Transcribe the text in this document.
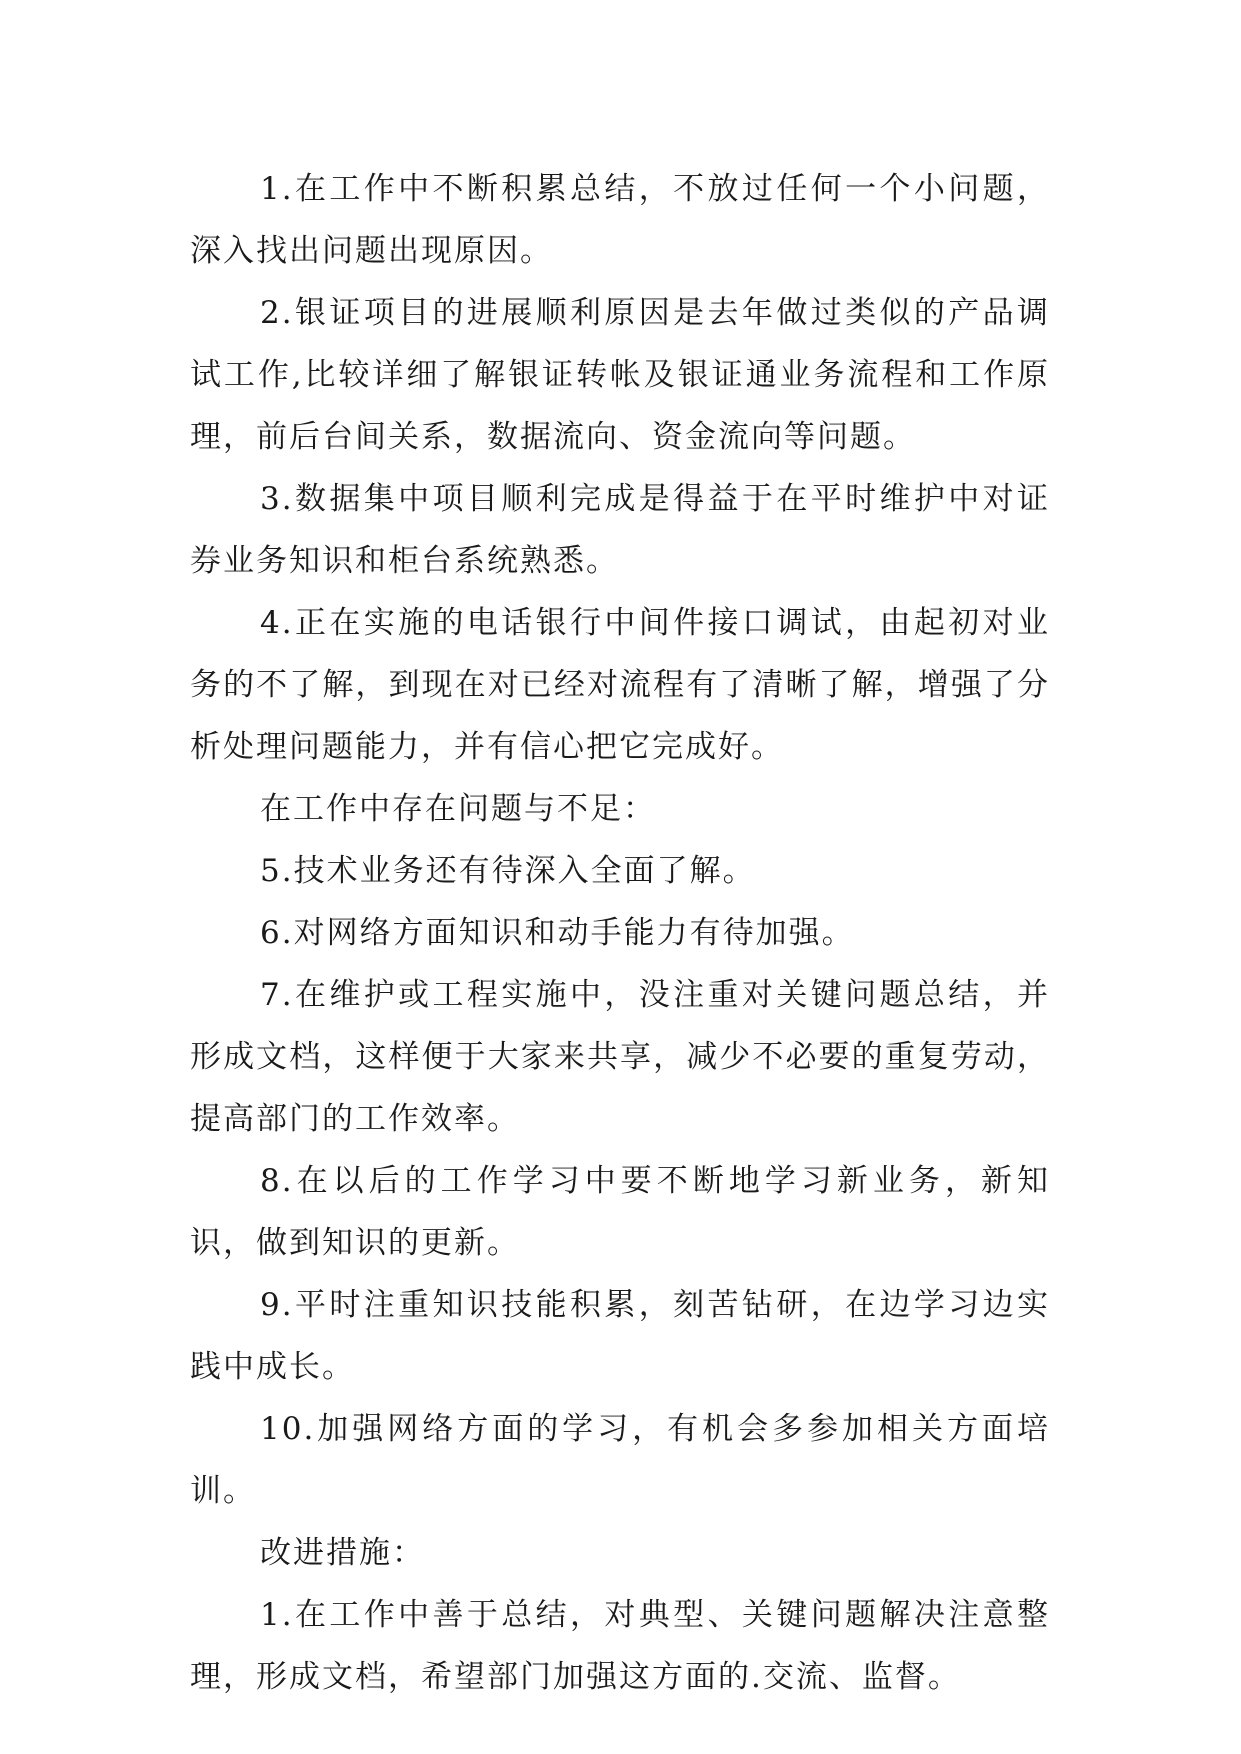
1.在工作中不断积累总结，不放过任何一个小问题，深入找出问题出现原因。

2.银证项目的进展顺利原因是去年做过类似的产品调试工作,比较详细了解银证转帐及银证通业务流程和工作原理，前后台间关系，数据流向、资金流向等问题。

3.数据集中项目顺利完成是得益于在平时维护中对证券业务知识和柜台系统熟悉。

4.正在实施的电话银行中间件接口调试，由起初对业务的不了解，到现在对已经对流程有了清晰了解，增强了分析处理问题能力，并有信心把它完成好。

在工作中存在问题与不足：

5.技术业务还有待深入全面了解。

6.对网络方面知识和动手能力有待加强。

7.在维护或工程实施中，没注重对关键问题总结，并形成文档，这样便于大家来共享，减少不必要的重复劳动，提高部门的工作效率。

8.在以后的工作学习中要不断地学习新业务，新知识，做到知识的更新。

9.平时注重知识技能积累，刻苦钻研，在边学习边实践中成长。

10.加强网络方面的学习，有机会多参加相关方面培训。

改进措施：

1.在工作中善于总结，对典型、关键问题解决注意整理，形成文档，希望部门加强这方面的.交流、监督。
